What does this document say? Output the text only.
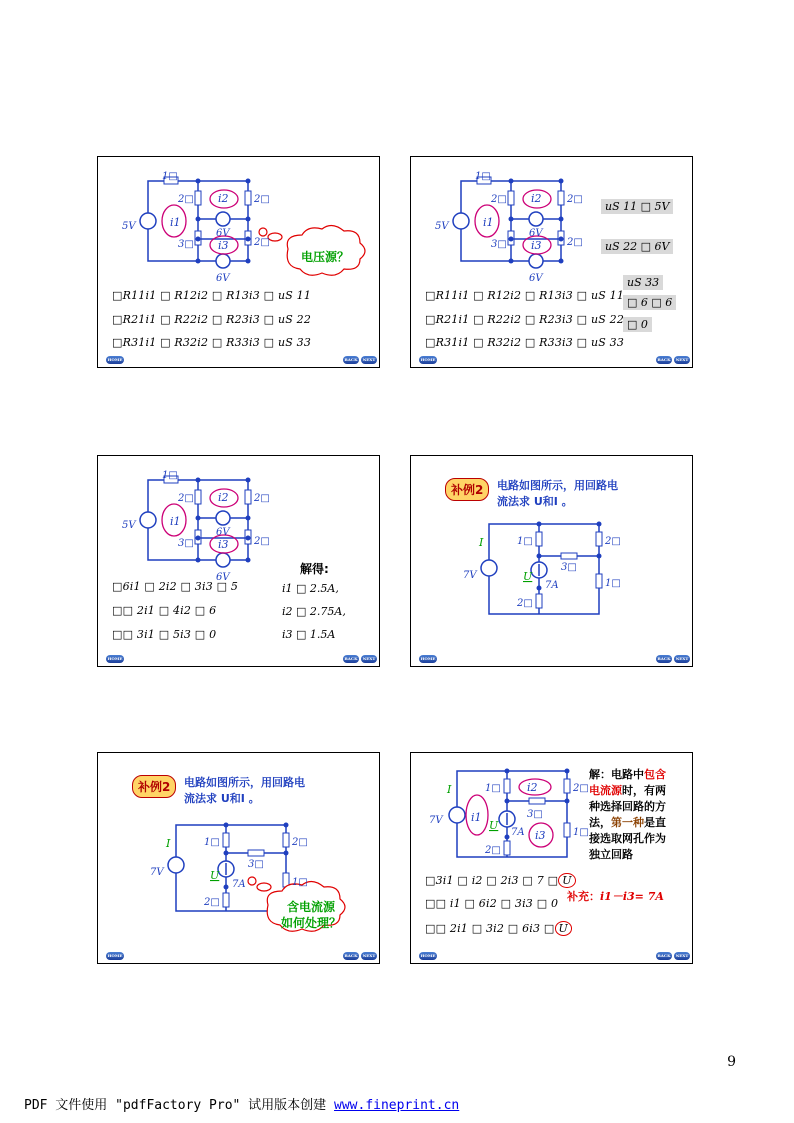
1□
2□	2□
3□	2□
5V
6V
6V
i1
i2
i3
电压源？
□R11i1 □ R12i2 □ R13i3 □ uS 11
□R21i1 □ R22i2 □ R23i3 □ uS 22
□R31i1 □ R32i2 □ R33i3 □ uS 33
HOME	BACK	NEXT
1□
2□	2□
3□	2□
5V
6V
6V
i1
i2
i3
uS 11 □ 5V
uS 22 □ 6V
uS 33
□ 6 □ 6
□ 0
□R11i1 □ R12i2 □ R13i3 □ uS 11
□R21i1 □ R22i2 □ R23i3 □ uS 22
□R31i1 □ R32i2 □ R33i3 □ uS 33
HOME	BACK	NEXT
1□
2□	2□
3□	2□
5V
6V
6V
i1
i2
i3
解得:
□6i1 □ 2i2 □ 3i3 □ 5
□□ 2i1 □ 4i2 □ 6
□□ 3i1 □ 5i3 □ 0
i1 □ 2.5A,
i2 □ 2.75A,
i3 □ 1.5A
HOME	BACK	NEXT
补例2	电路如图所示，用回路电
流法求 U和I 。
I	1□	2□
3□
1□
2□
7V
7A
U
HOME	BACK	NEXT
补例2	电路如图所示，用回路电
流法求 U和I 。
I	1□	2□
3□
1□
2□
7V
7A
U
含电流源
如何处理？
HOME	BACK	NEXT
I	1□	2□
3□
1□
2□
7V
7A
U
i1
i2
i3
解：电路中包含
电流源时，有两
种选择回路的方
法，第一种是直
接选取网孔作为
独立回路
□3i1 □ i2 □ 2i3 □ 7 □ U
□□ i1 □ 6i2 □ 3i3 □ 0
□□ 2i1 □ 3i2 □ 6i3 □ U
补充：i1－i3= 7A
HOME	BACK	NEXT
9
PDF 文件使用 "pdfFactory Pro" 试用版本创建 www.fineprint.cn
